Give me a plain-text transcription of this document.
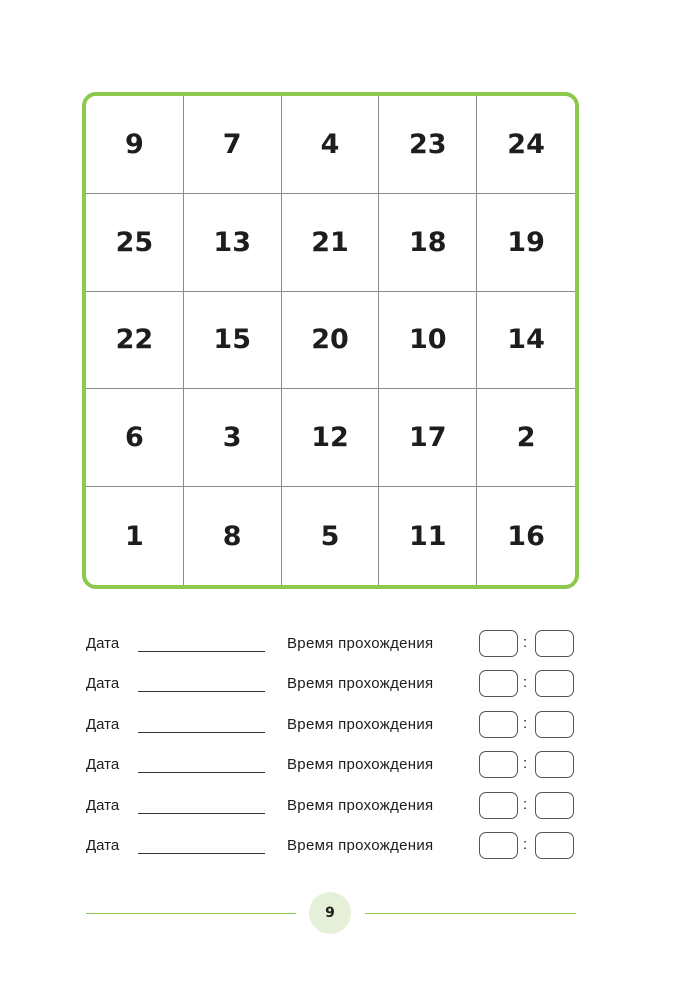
9	7	4	23	24
25	13	21	18	19
22	15	20	10	14
6	3	12	17	2
1	8	5	11	16
Дата	Время прохождения	:
Дата	Время прохождения	:
Дата	Время прохождения	:
Дата	Время прохождения	:
Дата	Время прохождения	:
Дата	Время прохождения	:
9
